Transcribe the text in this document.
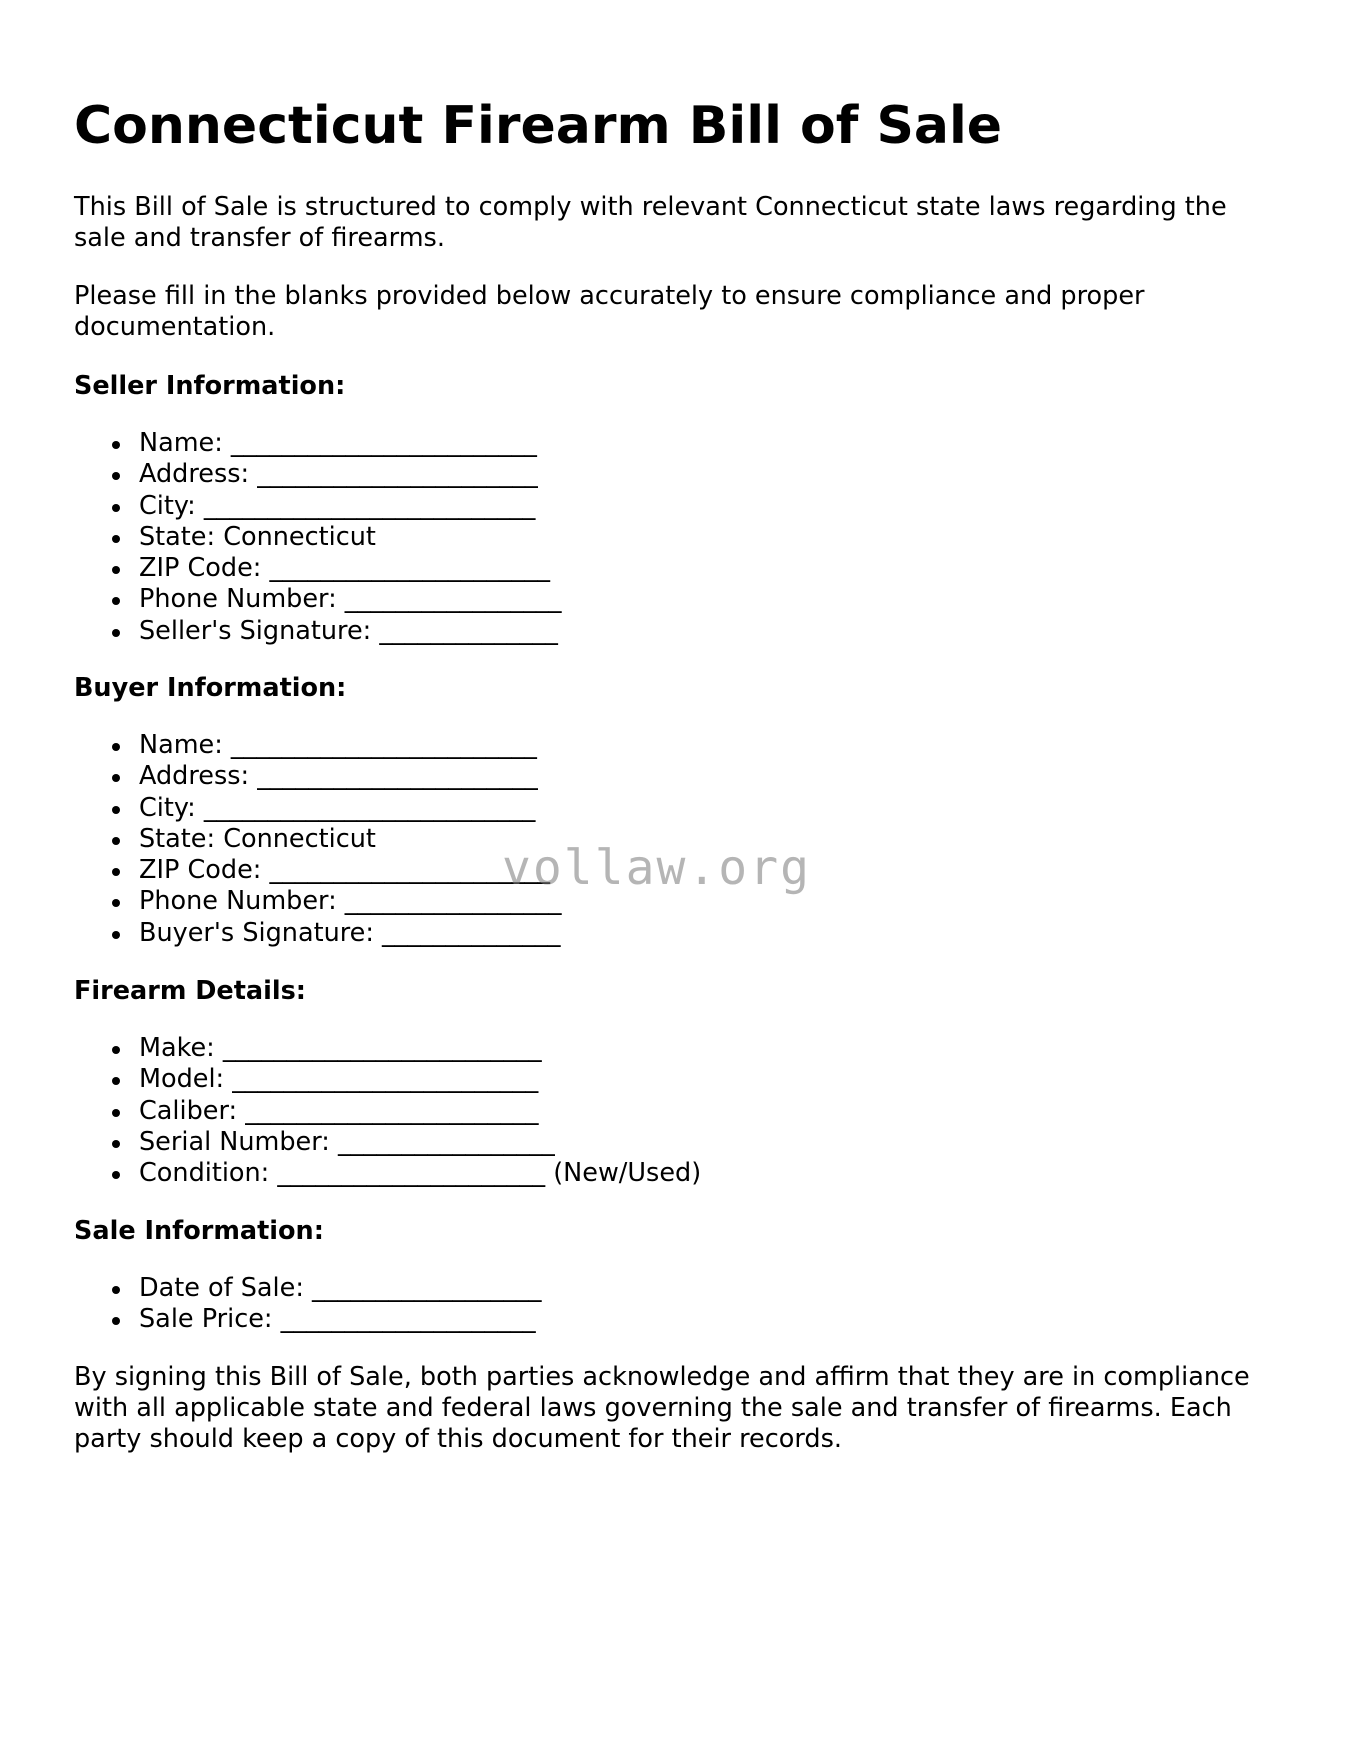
Connecticut Firearm Bill of Sale

This Bill of Sale is structured to comply with relevant Connecticut state laws regarding the sale and transfer of firearms.

Please fill in the blanks provided below accurately to ensure compliance and proper documentation.

Seller Information:
Name: ________________________
Address: ______________________
City: __________________________
State: Connecticut
ZIP Code: ______________________
Phone Number: _________________
Seller's Signature: ______________
Buyer Information:
Name: ________________________
Address: ______________________
City: __________________________
State: Connecticut
ZIP Code: ______________________
Phone Number: _________________
Buyer's Signature: ______________
Firearm Details:
Make: _________________________
Model: ________________________
Caliber: _______________________
Serial Number: _________________
Condition: _____________________ (New/Used)
Sale Information:
Date of Sale: __________________
Sale Price: ____________________

By signing this Bill of Sale, both parties acknowledge and affirm that they are in compliance with all applicable state and federal laws governing the sale and transfer of firearms. Each party should keep a copy of this document for their records.

vollaw.org
